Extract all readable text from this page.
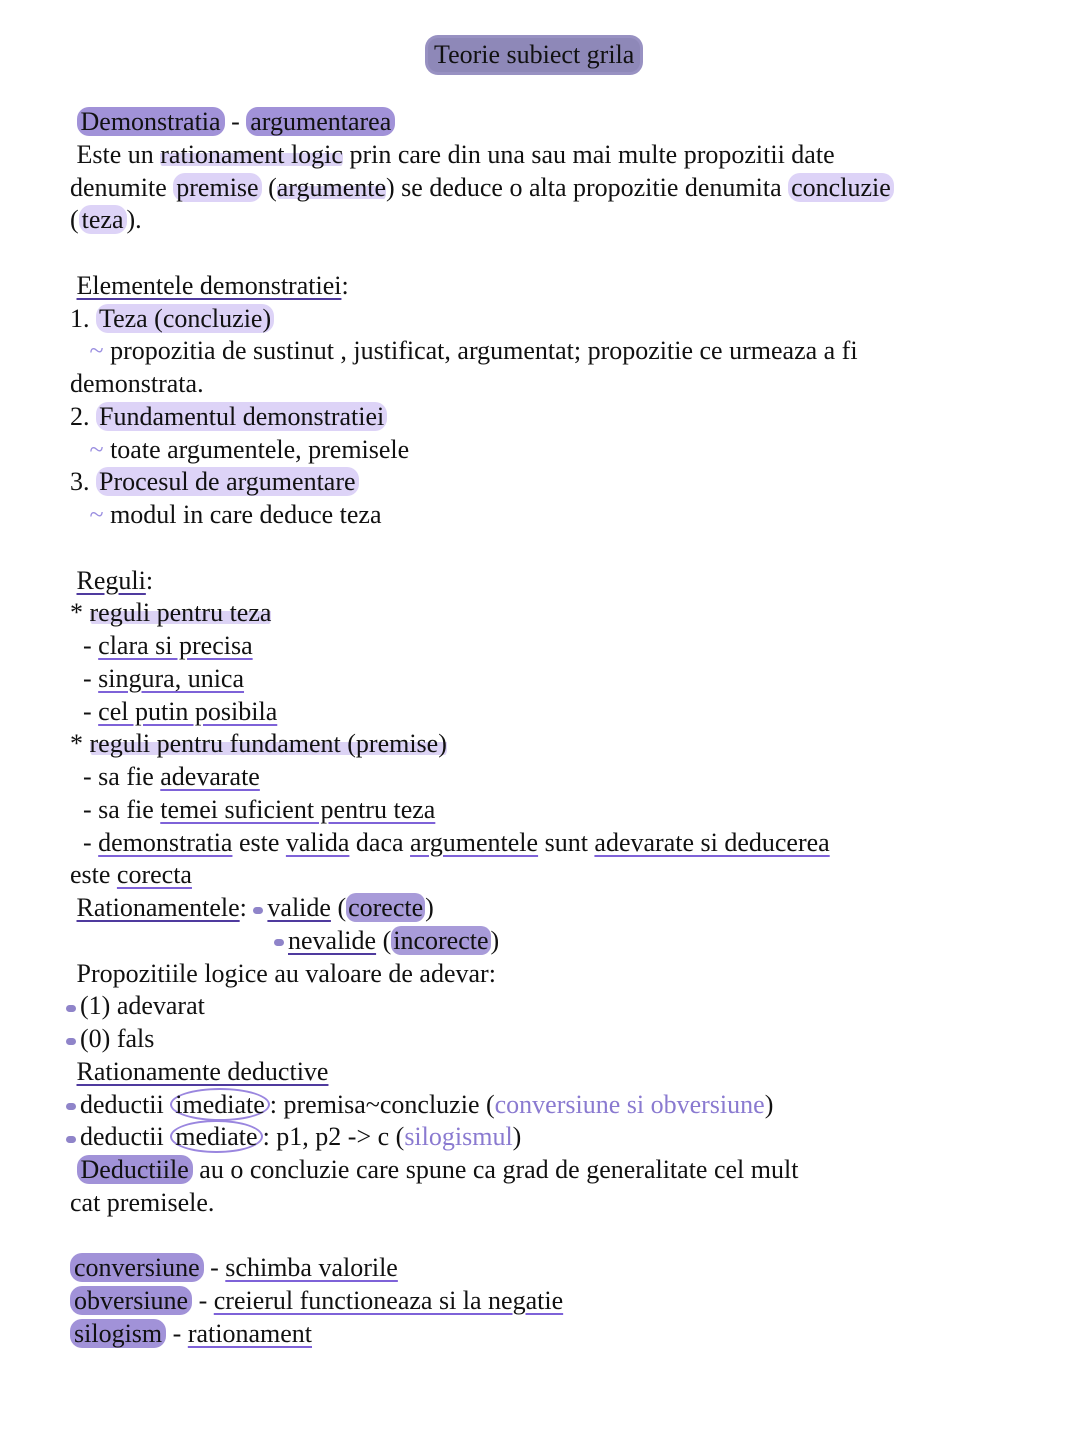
Teorie subiect grila
Demonstratia - argumentarea
Este un rationament logic prin care din una sau mai multe propozitii date
denumite premise (argumente) se deduce o alta propozitie denumita concluzie
( teza ).
Elementele demonstratiei:
1. Teza (concluzie)
~ propozitia de sustinut , justificat, argumentat; propozitie ce urmeaza a fi
demonstrata.
2. Fundamentul demonstratiei
~ toate argumentele, premisele
3. Procesul de argumentare
~ modul in care deduce teza
Reguli:
* reguli pentru teza
- clara si precisa
- singura, unica
- cel putin posibila
* reguli pentru fundament (premise)
- sa fie adevarate
- sa fie temei suficient pentru teza
- demonstratia este valida daca argumentele sunt adevarate si deducerea
este corecta
Rationamentele: valide (corecte)
nevalide (incorecte)
Propozitiile logice au valoare de adevar:
(1) adevarat
(0) fals
Rationamente deductive
deductii imediate : premisa~concluzie (conversiune si obversiune)
deductii mediate : p1, p2 -> c (silogismul)
Deductiile au o concluzie care spune ca grad de generalitate cel mult
cat premisele.
conversiune - schimba valorile
obversiune - creierul functioneaza si la negatie
silogism - rationament
